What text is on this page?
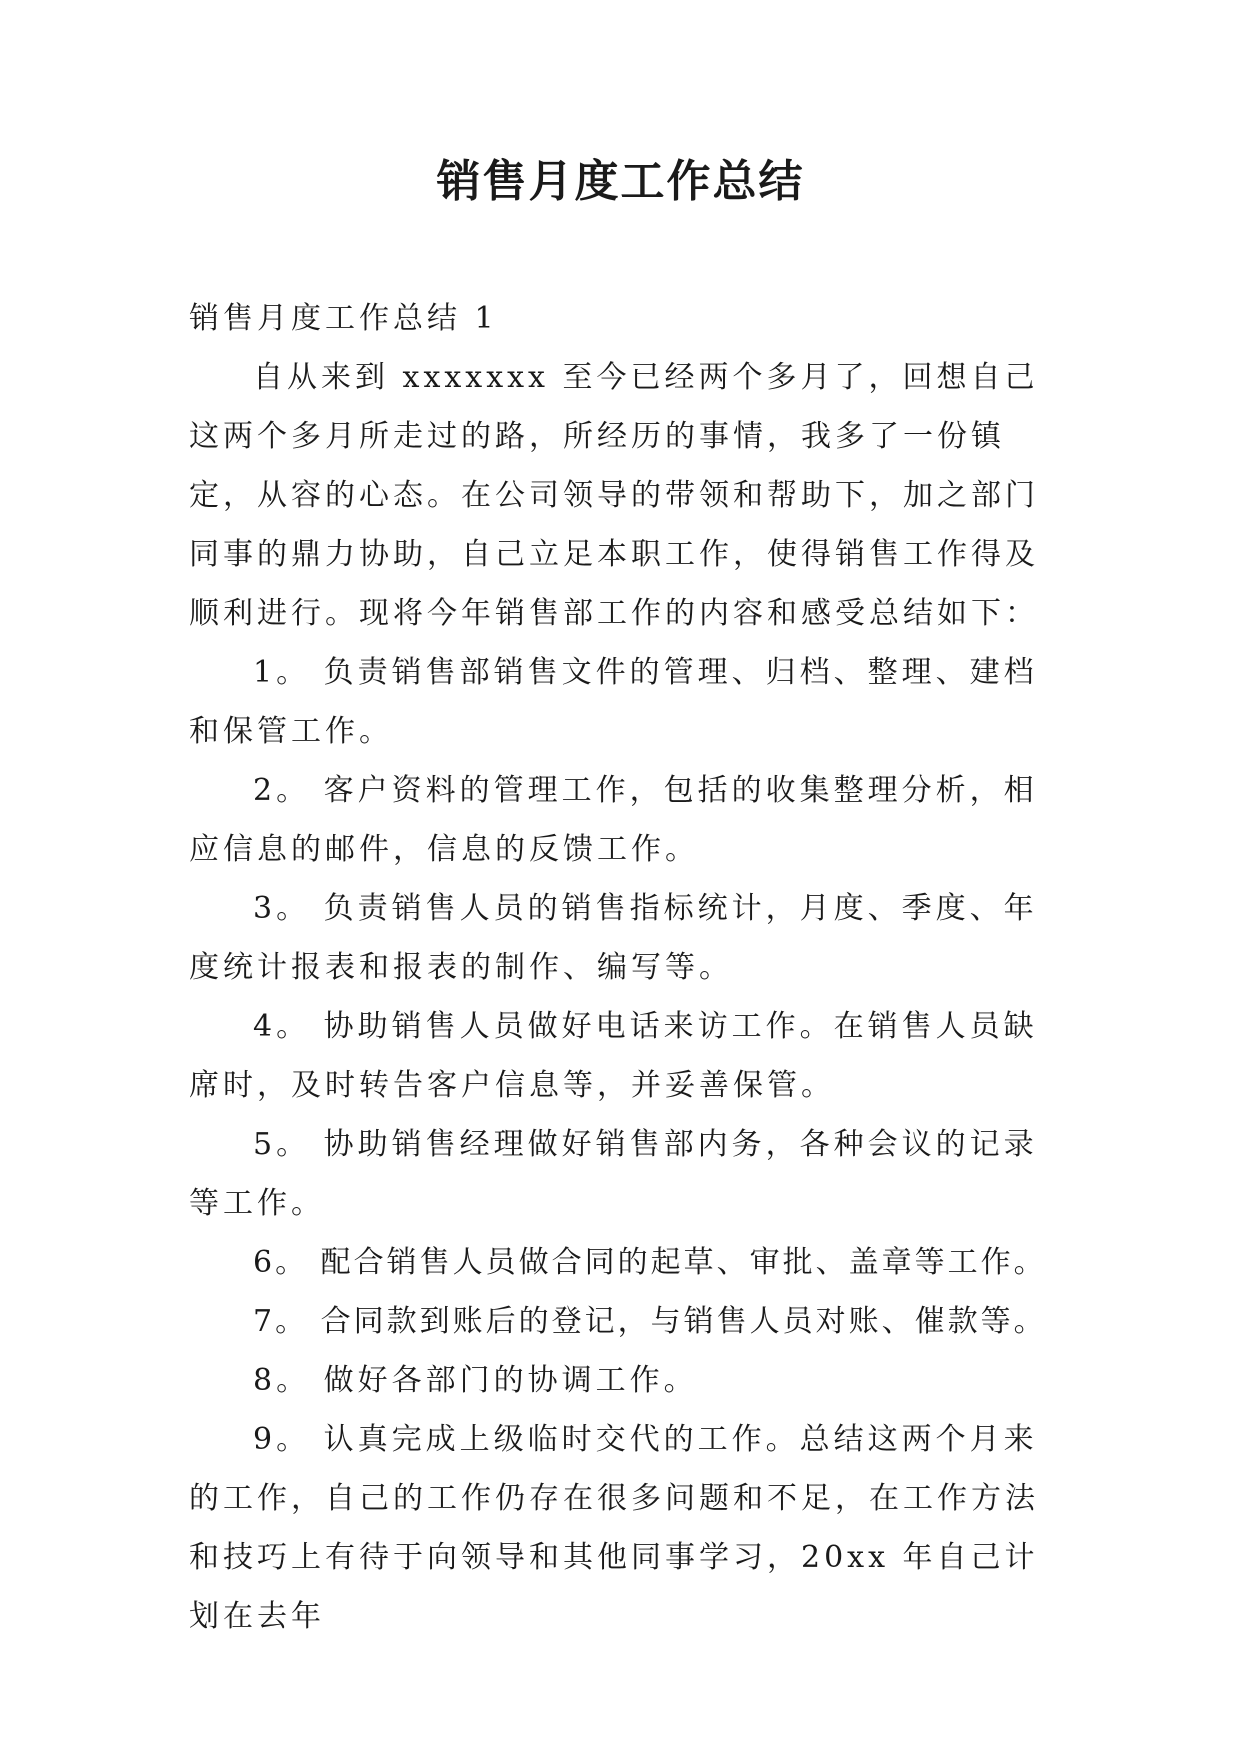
销售月度工作总结

销售月度工作总结 1

自从来到 xxxxxxx 至今已经两个多月了，回想自己这两个多月所走过的路，所经历的事情，我多了一份镇定，从容的心态。在公司领导的带领和帮助下，加之部门同事的鼎力协助，自己立足本职工作，使得销售工作得及顺利进行。现将今年销售部工作的内容和感受总结如下：

1。 负责销售部销售文件的管理、归档、整理、建档和保管工作。

2。 客户资料的管理工作，包括的收集整理分析，相应信息的邮件，信息的反馈工作。

3。 负责销售人员的销售指标统计，月度、季度、年度统计报表和报表的制作、编写等。

4。 协助销售人员做好电话来访工作。在销售人员缺席时，及时转告客户信息等，并妥善保管。

5。 协助销售经理做好销售部内务，各种会议的记录等工作。

6。 配合销售人员做合同的起草、审批、盖章等工作。

7。 合同款到账后的登记，与销售人员对账、催款等。

8。 做好各部门的协调工作。

9。 认真完成上级临时交代的工作。总结这两个月来的工作，自己的工作仍存在很多问题和不足，在工作方法和技巧上有待于向领导和其他同事学习，20xx 年自己计划在去年
